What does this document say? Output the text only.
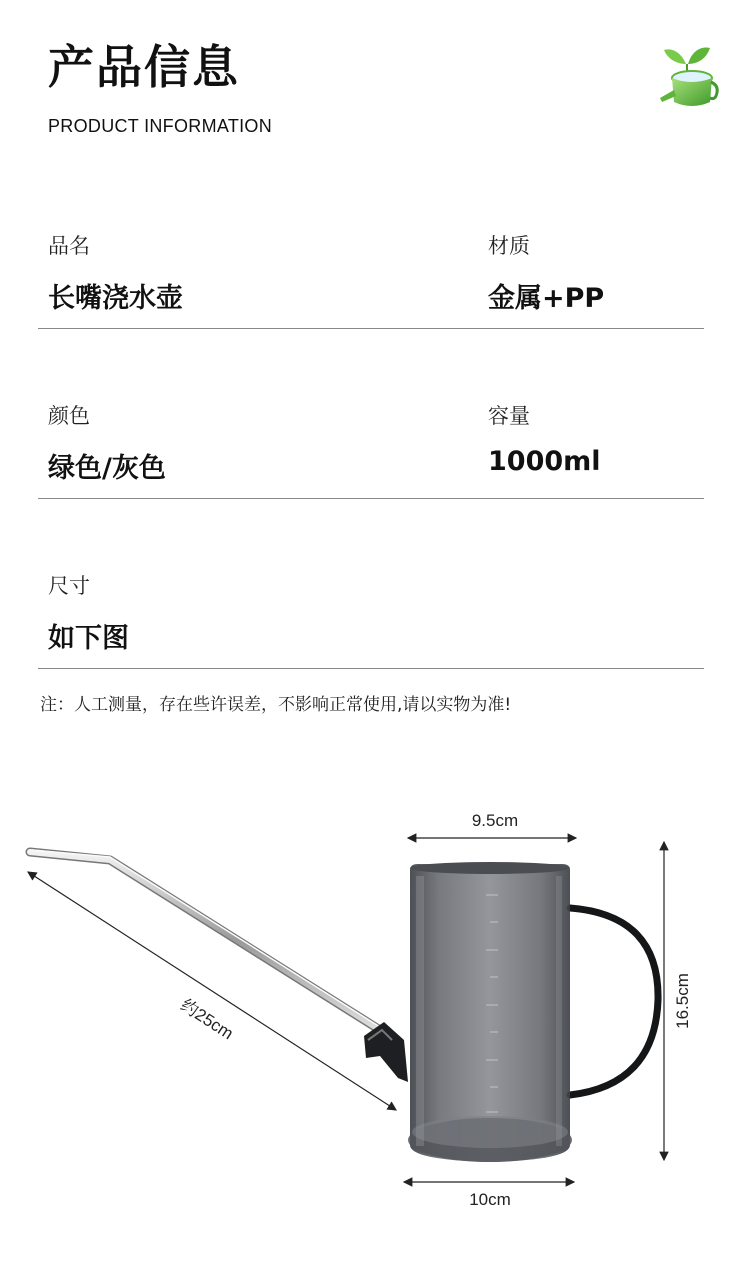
产品信息
PRODUCT INFORMATION
品名
长嘴浇水壶
材质
金属+PP
颜色
绿色/灰色
容量
1000ml
尺寸
如下图
注：人工测量，存在些许误差，不影响正常使用,请以实物为准!
9.5cm
10cm
16.5cm
约25cm
